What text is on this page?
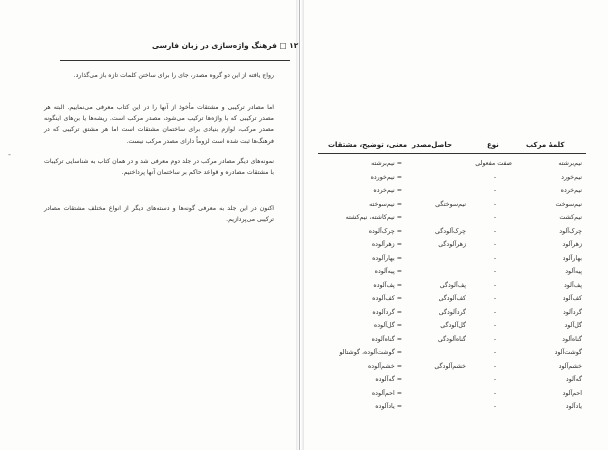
۱۲ □ فرهنگ واژه‌سازی در زبان فارسی
رواج یافته از این دو گروه مصدر، جای را برای ساختن کلمات تازه باز می‌گذارد.
اما مصادر ترکیبی و مشتقات مأخوذ از آنها را در این کتاب معرفی می‌نماییم. البته هر مصدر ترکیبی که با واژه‌ها ترکیب می‌شود، مصدر مرکب است. ریشه‌ها یا بن‌های اینگونه مصدر مرکب، لوازم بنیادی برای ساختمان مشتقات است اما هر مشتق ترکیبی که در فرهنگ‌ها ثبت شده است لزوماً دارای مصدر مرکب نیست.
نمونه‌های دیگر مصادر مرکب در جلد دوم معرفی شد و در همان کتاب به شناسایی ترکیبات با مشتقات مصادره و قواعد حاکم بر ساختمان آنها پرداختیم.
اکنون در این جلد به معرفی گونه‌ها و دسته‌های دیگر از انواع مختلف مشتقات مصادر ترکیبی می‌پردازیم.
-
کلمهٔ مرکب
نوع
حاصل‌مصدر
معنی، توضیح، مشتقات
نیم‌برشته
صفت مفعولی
= نیم‌برشته
نیم‌خورد
-
= نیم‌خورده
نیم‌خرده
-
= نیم‌خرده
نیم‌سوخت
-
نیم‌سوختگی
= نیم‌سوخته
نیم‌کشت
-
= نیم‌کاشته، نیم‌کشته
چرک‌آلود
-
چرک‌آلودگی
= چرک‌آلوده
زهرآلود
-
زهرآلودگی
= زهرآلوده
بهارآلود
-
= بهارآلوده
پیه‌آلود
-
= پیه‌آلوده
پف‌آلود
-
پف‌آلودگی
= پف‌آلوده
کف‌آلود
-
کف‌آلودگی
= کف‌آلوده
گردآلود
-
گردآلودگی
= گردآلوده
گل‌آلود
-
گل‌آلودگی
= گل‌آلوده
گناه‌آلود
-
گناه‌آلودگی
= گناه‌آلوده
گوشت‌آلود
-
= گوشت‌آلوده، گوشتالو
خشم‌آلود
-
خشم‌آلودگی
= خشم‌آلوده
گه‌آلود
-
= گه‌آلوده
احم‌آلود
-
= احم‌آلوده
یادآلود
-
= یادآلوده
